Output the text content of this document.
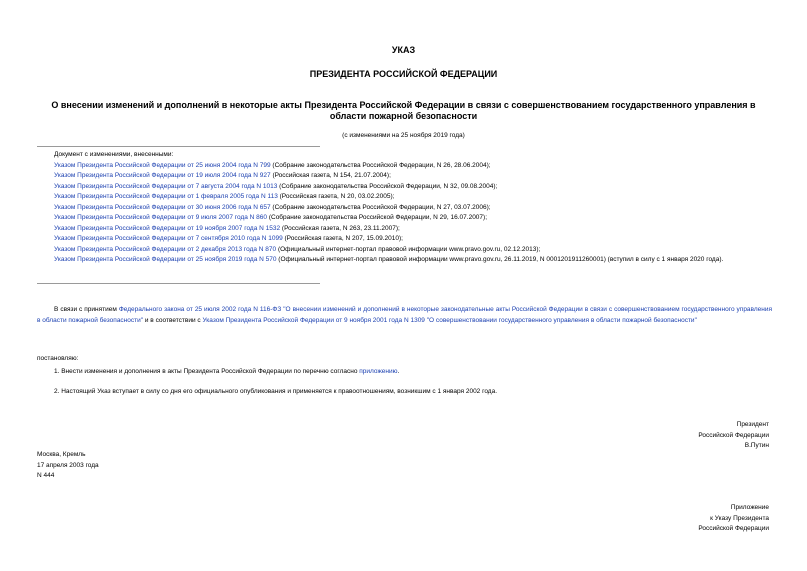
УКАЗ
ПРЕЗИДЕНТА РОССИЙСКОЙ ФЕДЕРАЦИИ
О внесении изменений и дополнений в некоторые акты Президента Российской Федерации в связи с совершенствованием государственного управления в
области пожарной безопасности
(с изменениями на 25 ноября 2019 года)
Документ с изменениями, внесенными:
Указом Президента Российской Федерации от 25 июня 2004 года N 799 (Собрание законодательства Российской Федерации, N 26, 28.06.2004);
Указом Президента Российской Федерации от 19 июля 2004 года N 927 (Российская газета, N 154, 21.07.2004);
Указом Президента Российской Федерации от 7 августа 2004 года N 1013 (Собрание законодательства Российской Федерации, N 32, 09.08.2004);
Указом Президента Российской Федерации от 1 февраля 2005 года N 113 (Российская газета, N 20, 03.02.2005);
Указом Президента Российской Федерации от 30 июня 2006 года N 657 (Собрание законодательства Российской Федерации, N 27, 03.07.2006);
Указом Президента Российской Федерации от 9 июля 2007 года N 860 (Собрание законодательства Российской Федерации, N 29, 16.07.2007);
Указом Президента Российской Федерации от 19 ноября 2007 года N 1532 (Российская газета, N 263, 23.11.2007);
Указом Президента Российской Федерации от 7 сентября 2010 года N 1099 (Российская газета, N 207, 15.09.2010);
Указом Президента Российской Федерации от 2 декабря 2013 года N 870 (Официальный интернет-портал правовой информации www.pravo.gov.ru, 02.12.2013);
Указом Президента Российской Федерации от 25 ноября 2019 года N 570 (Официальный интернет-портал правовой информации www.pravo.gov.ru, 26.11.2019, N 0001201911260001) (вступил в силу с 1 января 2020 года).
В связи с принятием Федерального закона от 25 июля 2002 года N 116-ФЗ "О внесении изменений и дополнений в некоторые законодательные акты Российской Федерации в связи с совершенствованием государственного управления в области пожарной безопасности" и в соответствии с Указом Президента Российской Федерации от 9 ноября 2001 года N 1309 "О совершенствовании государственного управления в области пожарной безопасности"
постановляю:
1. Внести изменения и дополнения в акты Президента Российской Федерации по перечню согласно приложению.
2. Настоящий Указ вступает в силу со дня его официального опубликования и применяется к правоотношениям, возникшим с 1 января 2002 года.
Президент
Российской Федерации
В.Путин
Москва, Кремль
17 апреля 2003 года
N 444
Приложение
к Указу Президента
Российской Федерации
